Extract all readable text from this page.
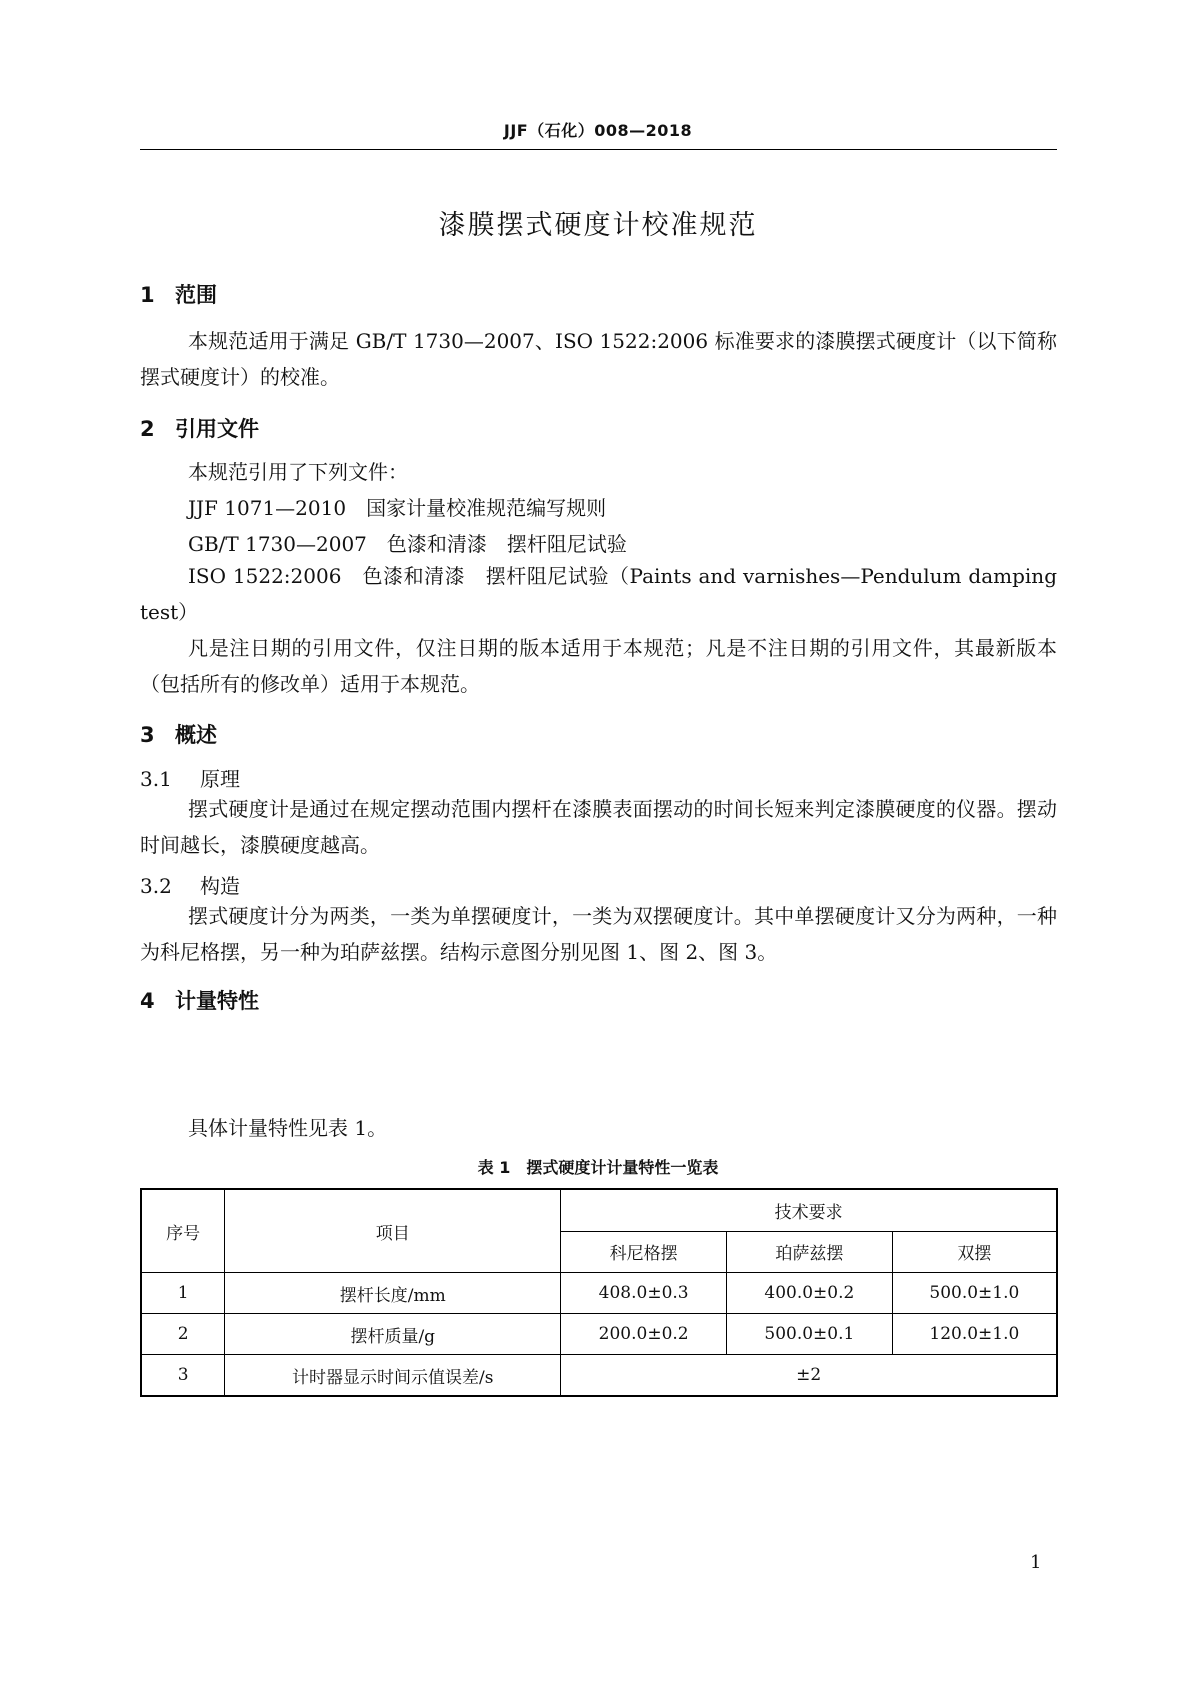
JJF（石化）008—2018
漆膜摆式硬度计校准规范
1 范围
本规范适用于满足 GB/T 1730—2007、ISO 1522:2006 标准要求的漆膜摆式硬度计（以下简称摆式硬度计）的校准。
2 引用文件
本规范引用了下列文件：
JJF 1071—2010　国家计量校准规范编写规则
GB/T 1730—2007　色漆和清漆　摆杆阻尼试验
ISO 1522:2006　色漆和清漆　摆杆阻尼试验（Paints and varnishes—Pendulum damping test）
凡是注日期的引用文件，仅注日期的版本适用于本规范；凡是不注日期的引用文件，其最新版本（包括所有的修改单）适用于本规范。
3 概述
3.1 原理
摆式硬度计是通过在规定摆动范围内摆杆在漆膜表面摆动的时间长短来判定漆膜硬度的仪器。摆动时间越长，漆膜硬度越高。
3.2 构造
摆式硬度计分为两类，一类为单摆硬度计，一类为双摆硬度计。其中单摆硬度计又分为两种，一种为科尼格摆，另一种为珀萨兹摆。结构示意图分别见图 1、图 2、图 3。
4 计量特性
具体计量特性见表 1。
表 1　摆式硬度计计量特性一览表
序号	项目	技术要求		
		科尼格摆	珀萨兹摆	双摆
1	摆杆长度/mm	408.0±0.3	400.0±0.2	500.0±1.0
2	摆杆质量/g	200.0±0.2	500.0±0.1	120.0±1.0
3	计时器显示时间示值误差/s	±2		
1
